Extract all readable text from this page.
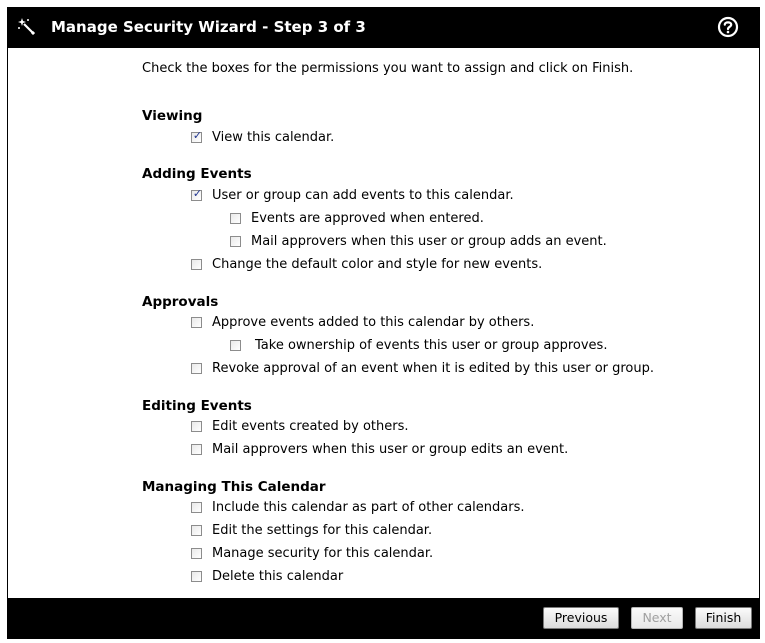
Manage Security Wizard - Step 3 of 3
Check the boxes for the permissions you want to assign and click on Finish.
Viewing
✓ View this calendar.
Adding Events
✓ User or group can add events to this calendar.
Events are approved when entered.
Mail approvers when this user or group adds an event.
Change the default color and style for new events.
Approvals
Approve events added to this calendar by others.
Take ownership of events this user or group approves.
Revoke approval of an event when it is edited by this user or group.
Editing Events
Edit events created by others.
Mail approvers when this user or group edits an event.
Managing This Calendar
Include this calendar as part of other calendars.
Edit the settings for this calendar.
Manage security for this calendar.
Delete this calendar
Previous	Next	Finish
